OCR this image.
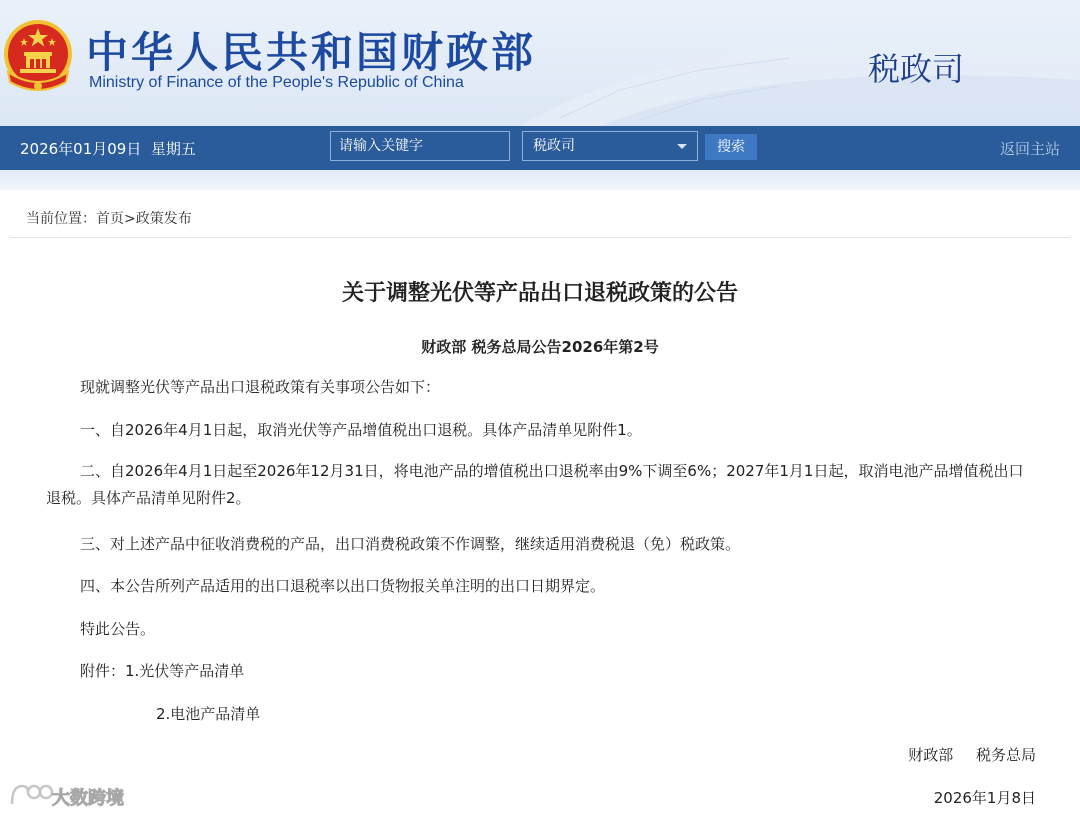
中华人民共和国财政部
Ministry of Finance of the People's Republic of China	税政司
2026年01月09日  星期五
请输入关键字	税政司	搜索	返回主站
当前位置：首页>政策发布
关于调整光伏等产品出口退税政策的公告
财政部 税务总局公告2026年第2号
现就调整光伏等产品出口退税政策有关事项公告如下：
一、自2026年4月1日起，取消光伏等产品增值税出口退税。具体产品清单见附件1。
二、自2026年4月1日起至2026年12月31日，将电池产品的增值税出口退税率由9%下调至6%；2027年1月1日起，取消电池产品增值税出口退税。具体产品清单见附件2。
三、对上述产品中征收消费税的产品，出口消费税政策不作调整，继续适用消费税退（免）税政策。
四、本公告所列产品适用的出口退税率以出口货物报关单注明的出口日期界定。
特此公告。
附件：1.光伏等产品清单
2.电池产品清单
财政部 税务总局
2026年1月8日
大数跨境
